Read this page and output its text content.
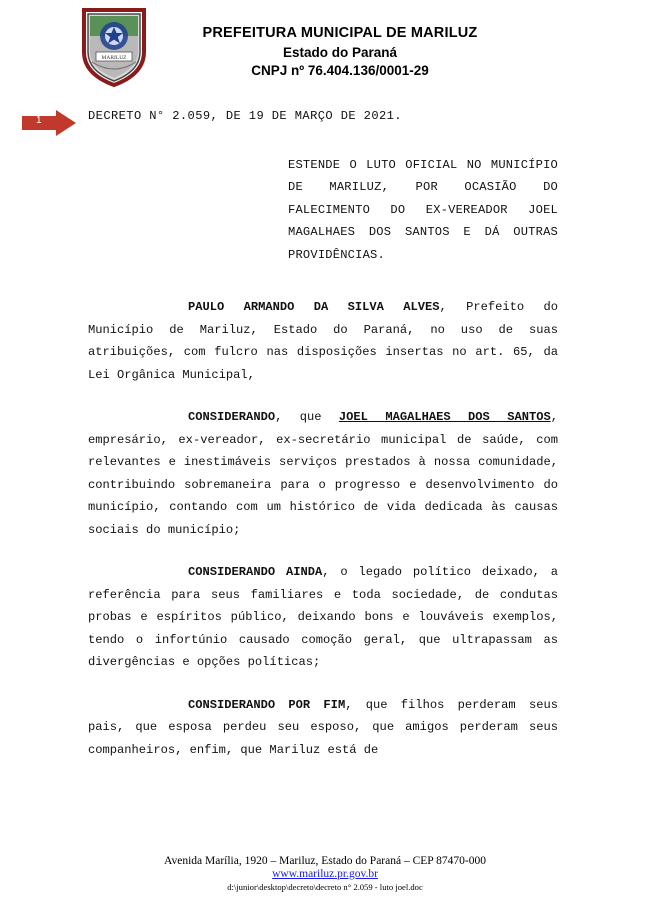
MARILUZ
PREFEITURA MUNICIPAL DE MARILUZ
Estado do Paraná
CNPJ nº 76.404.136/0001-29
1	DECRETO N° 2.059, DE 19 DE MARÇO DE 2021.
ESTENDE O LUTO OFICIAL NO MUNICÍPIO DE MARILUZ, POR OCASIÃO DO FALECIMENTO DO EX-VEREADOR JOEL MAGALHAES DOS SANTOS E DÁ OUTRAS PROVIDÊNCIAS.
PAULO ARMANDO DA SILVA ALVES, Prefeito do Município de Mariluz, Estado do Paraná, no uso de suas atribuições, com fulcro nas disposições insertas no art. 65, da Lei Orgânica Municipal,
CONSIDERANDO, que JOEL MAGALHAES DOS SANTOS, empresário, ex-vereador, ex-secretário municipal de saúde, com relevantes e inestimáveis serviços prestados à nossa comunidade, contribuindo sobremaneira para o progresso e desenvolvimento do município, contando com um histórico de vida dedicada às causas sociais do município;
CONSIDERANDO AINDA, o legado político deixado, a referência para seus familiares e toda sociedade, de condutas probas e espíritos público, deixando bons e louváveis exemplos, tendo o infortúnio causado comoção geral, que ultrapassam as divergências e opções políticas;
CONSIDERANDO POR FIM, que filhos perderam seus pais, que esposa perdeu seu esposo, que amigos perderam seus companheiros, enfim, que Mariluz está de
Avenida Marília, 1920 – Mariluz, Estado do Paraná – CEP 87470-000
www.mariluz.pr.gov.br
d:\junior\desktop\decreto\decreto n° 2.059 - luto joel.doc
